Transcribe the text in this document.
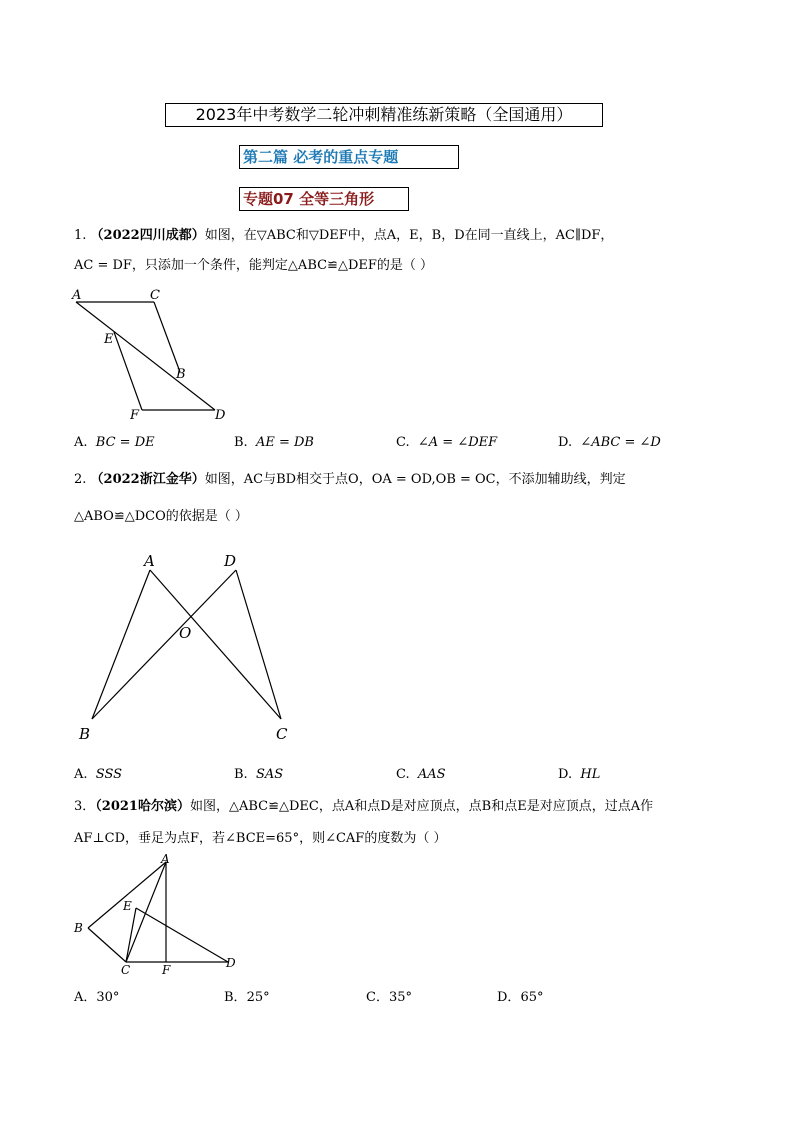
2023年中考数学二轮冲刺精准练新策略（全国通用）
第二篇 必考的重点专题
专题07 全等三角形
1. （2022四川成都）如图，在▽ABC和▽DEF中，点A，E，B，D在同一直线上，AC∥DF，
AC = DF，只添加一个条件，能判定△ABC≌△DEF的是（ ）
A	C
E
B
F	D
A. BC = DE	B. AE = DB	C. ∠A = ∠DEF	D. ∠ABC = ∠D
2. （2022浙江金华）如图，AC与BD相交于点O，OA = OD,OB = OC，不添加辅助线，判定
△ABO≌△DCO的依据是（ ）
A	D
O
B	C
A. SSS	B. SAS	C. AAS	D. HL
3．（2021哈尔滨）如图，△ABC≌△DEC，点A和点D是对应顶点，点B和点E是对应顶点，过点A作
AF⊥CD，垂足为点F，若∠BCE=65°，则∠CAF的度数为（ ）
A
E
B
C	F	D
A．30°	B．25°	C．35°	D．65°
